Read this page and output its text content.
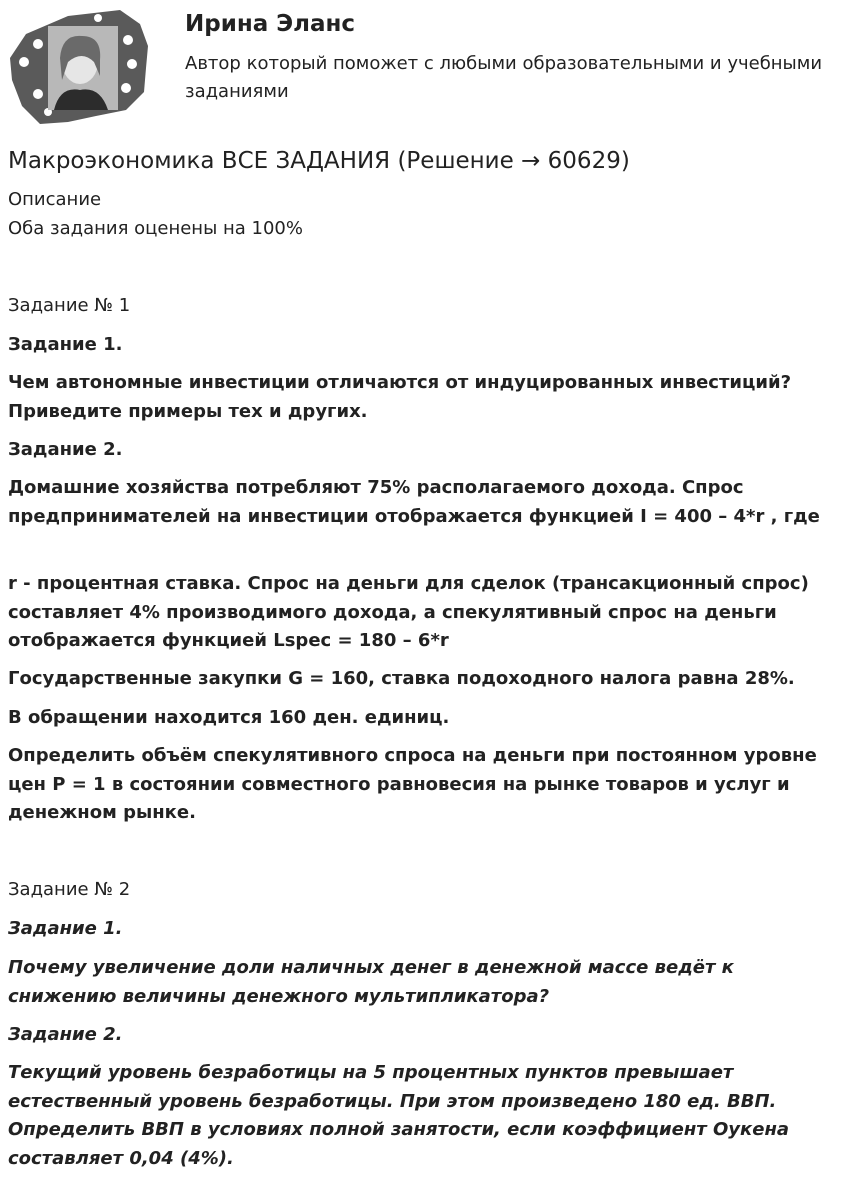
Ирина Эланс

Автор который поможет с любыми образовательными и учебными заданиями

Макроэкономика ВСЕ ЗАДАНИЯ (Решение → 60629)

Описание

Оба задания оценены на 100%

Задание № 1

Задание 1.

Чем автономные инвестиции отличаются от индуцированных инвестиций? Приведите примеры тех и других.

Задание 2.

Домашние хозяйства потребляют 75% располагаемого дохода. Спрос предпринимателей на инвестиции отображается функцией I = 400 – 4*r , где

r - процентная ставка. Спрос на деньги для сделок (трансакционный спрос) составляет 4% производимого дохода, а спекулятивный спрос на деньги отображается функцией Lspec = 180 – 6*r

Государственные закупки G = 160, ставка подоходного налога равна 28%.

В обращении находится 160 ден. единиц.

Определить объём спекулятивного спроса на деньги при постоянном уровне цен P = 1 в состоянии совместного равновесия на рынке товаров и услуг и денежном рынке.

Задание № 2

Задание 1.

Почему увеличение доли наличных денег в денежной массе ведёт к снижению величины денежного мультипликатора?

Задание 2.

Текущий уровень безработицы на 5 процентных пунктов превышает естественный уровень безработицы. При этом произведено 180 ед. ВВП. Определить ВВП в условиях полной занятости, если коэффициент Оукена составляет 0,04 (4%).
